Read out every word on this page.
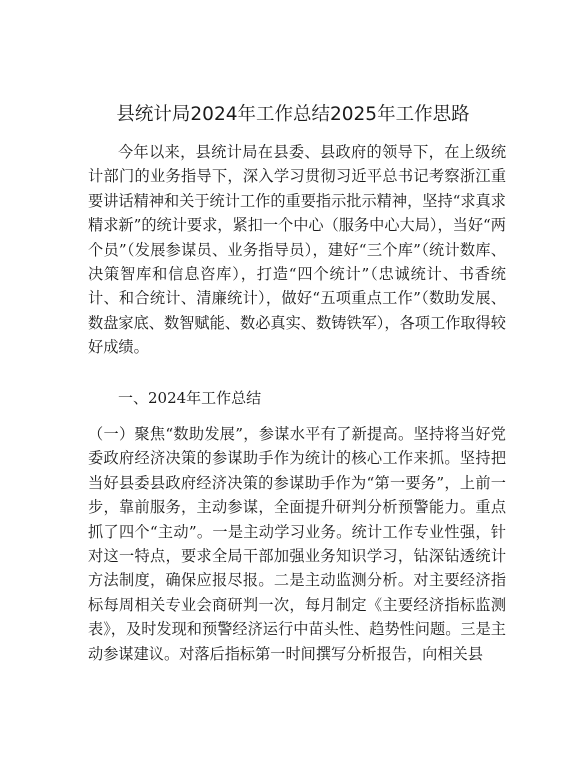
县统计局2024年工作总结2025年工作思路

今年以来，县统计局在县委、县政府的领导下，在上级统计部门的业务指导下，深入学习贯彻习近平总书记考察浙江重要讲话精神和关于统计工作的重要指示批示精神，坚持“求真求精求新”的统计要求，紧扣一个中心（服务中心大局），当好“两个员”（发展参谋员、业务指导员），建好“三个库”（统计数库、决策智库和信息咨库），打造“四个统计”（忠诚统计、书香统计、和合统计、清廉统计），做好“五项重点工作”（数助发展、数盘家底、数智赋能、数必真实、数铸铁军），各项工作取得较好成绩。

一、2024年工作总结

（一）聚焦“数助发展”，参谋水平有了新提高。坚持将当好党委政府经济决策的参谋助手作为统计的核心工作来抓。坚持把当好县委县政府经济决策的参谋助手作为“第一要务”，上前一步，靠前服务，主动参谋，全面提升研判分析预警能力。重点抓了四个“主动”。一是主动学习业务。统计工作专业性强，针对这一特点，要求全局干部加强业务知识学习，钻深钻透统计方法制度，确保应报尽报。二是主动监测分析。对主要经济指标每周相关专业会商研判一次，每月制定《主要经济指标监测表》，及时发现和预警经济运行中苗头性、趋势性问题。三是主动参谋建议。对落后指标第一时间撰写分析报告，向相关县
